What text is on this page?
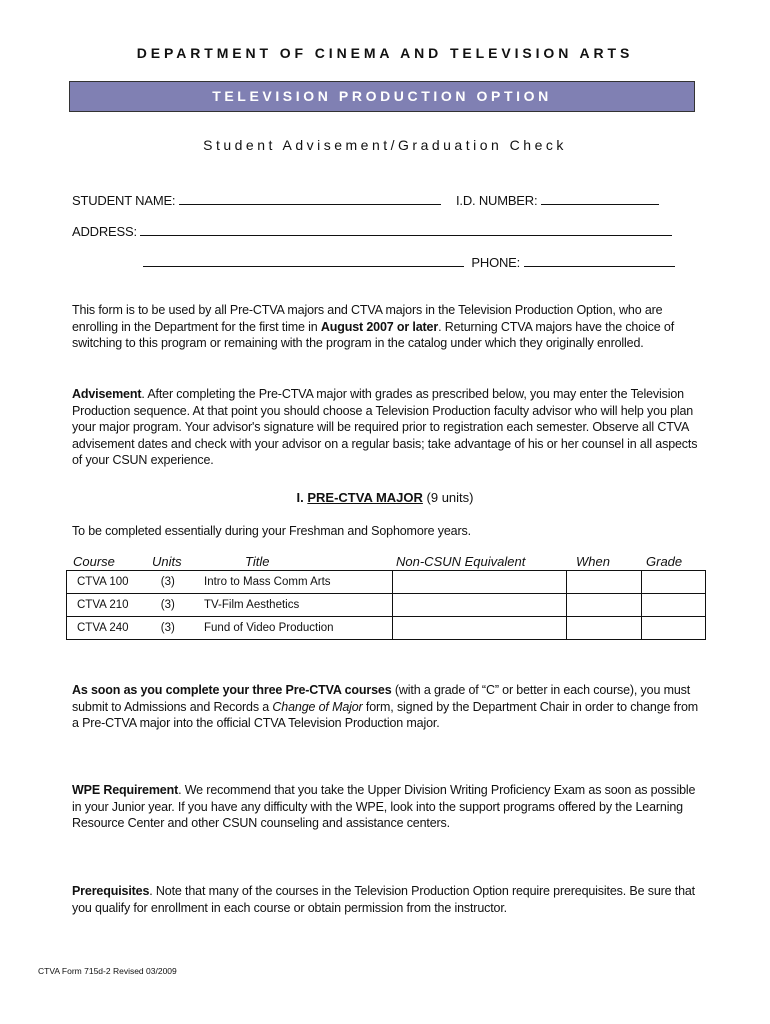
DEPARTMENT OF CINEMA AND TELEVISION ARTS
TELEVISION PRODUCTION OPTION
Student Advisement/Graduation Check
STUDENT NAME:	I.D. NUMBER:
ADDRESS:
PHONE:
This form is to be used by all Pre-CTVA majors and CTVA majors in the Television Production Option, who are enrolling in the Department for the first time in August 2007 or later. Returning CTVA majors have the choice of switching to this program or remaining with the program in the catalog under which they originally enrolled.
Advisement. After completing the Pre-CTVA major with grades as prescribed below, you may enter the Television Production sequence. At that point you should choose a Television Production faculty advisor who will help you plan your major program. Your advisor's signature will be required prior to registration each semester. Observe all CTVA advisement dates and check with your advisor on a regular basis; take advantage of his or her counsel in all aspects of your CSUN experience.
I. PRE-CTVA MAJOR (9 units)
To be completed essentially during your Freshman and Sophomore years.
Course	Units	Title	Non-CSUN Equivalent	When	Grade
CTVA 100	(3)	Intro to Mass Comm Arts			
CTVA 210	(3)	TV-Film Aesthetics			
CTVA 240	(3)	Fund of Video Production			
As soon as you complete your three Pre-CTVA courses (with a grade of “C” or better in each course), you must submit to Admissions and Records a Change of Major form, signed by the Department Chair in order to change from a Pre-CTVA major into the official CTVA Television Production major.
WPE Requirement. We recommend that you take the Upper Division Writing Proficiency Exam as soon as possible in your Junior year. If you have any difficulty with the WPE, look into the support programs offered by the Learning Resource Center and other CSUN counseling and assistance centers.
Prerequisites. Note that many of the courses in the Television Production Option require prerequisites. Be sure that you qualify for enrollment in each course or obtain permission from the instructor.
CTVA Form 715d-2 Revised 03/2009
